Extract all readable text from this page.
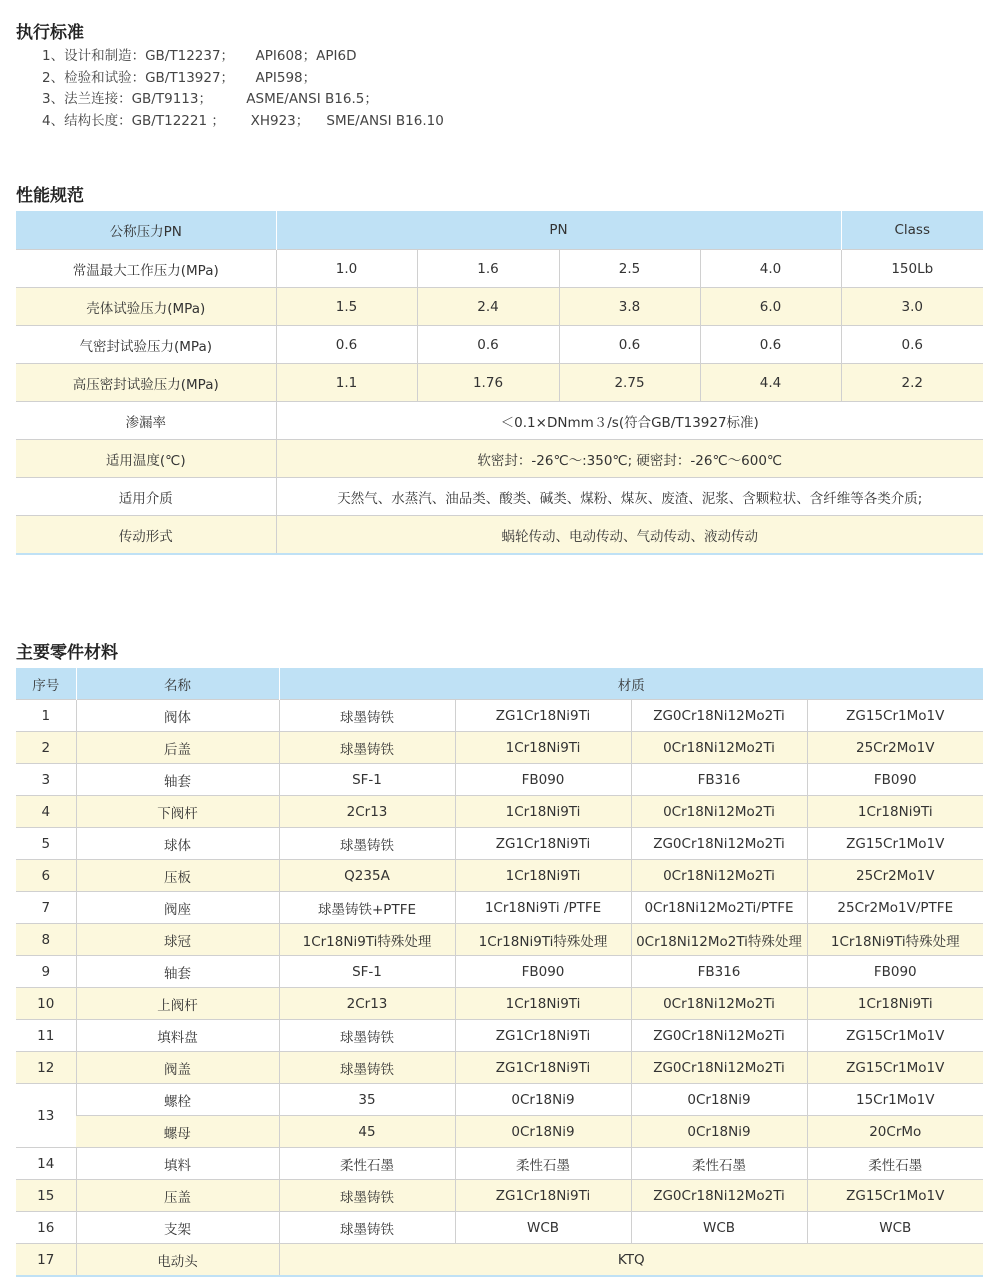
执行标准
1、设计和制造：GB/T12237；     API608；API6D
2、检验和试验：GB/T13927；     API598；
3、法兰连接：GB/T9113；        ASME/ANSI B16.5；
4、结构长度：GB/T12221 ；      XH923；    SME/ANSI B16.10
性能规范
公称压力PN	PN				Class
常温最大工作压力(MPa)	1.0	1.6	2.5	4.0	150Lb
壳体试验压力(MPa)	1.5	2.4	3.8	6.0	3.0
气密封试验压力(MPa)	0.6	0.6	0.6	0.6	0.6
高压密封试验压力(MPa)	1.1	1.76	2.75	4.4	2.2
渗漏率	＜0.1×DNmm３/s(符合GB/T13927标准)				
适用温度(℃)	软密封：-26℃～:350℃; 硬密封：-26℃～600℃				
适用介质	天然气、水蒸汽、油品类、酸类、碱类、煤粉、煤灰、废渣、泥浆、含颗粒状、含纤维等各类介质;				
传动形式	蜗轮传动、电动传动、气动传动、液动传动				
主要零件材料
序号	名称	材质			
1	阀体	球墨铸铁	ZG1Cr18Ni9Ti	ZG0Cr18Ni12Mo2Ti	ZG15Cr1Mo1V
2	后盖	球墨铸铁	1Cr18Ni9Ti	0Cr18Ni12Mo2Ti	25Cr2Mo1V
3	轴套	SF-1	FB090	FB316	FB090
4	下阀杆	2Cr13	1Cr18Ni9Ti	0Cr18Ni12Mo2Ti	1Cr18Ni9Ti
5	球体	球墨铸铁	ZG1Cr18Ni9Ti	ZG0Cr18Ni12Mo2Ti	ZG15Cr1Mo1V
6	压板	Q235A	1Cr18Ni9Ti	0Cr18Ni12Mo2Ti	25Cr2Mo1V
7	阀座	球墨铸铁+PTFE	1Cr18Ni9Ti /PTFE	0Cr18Ni12Mo2Ti/PTFE	25Cr2Mo1V/PTFE
8	球冠	1Cr18Ni9Ti特殊处理	1Cr18Ni9Ti特殊处理	0Cr18Ni12Mo2Ti特殊处理	1Cr18Ni9Ti特殊处理
9	轴套	SF-1	FB090	FB316	FB090
10	上阀杆	2Cr13	1Cr18Ni9Ti	0Cr18Ni12Mo2Ti	1Cr18Ni9Ti
11	填料盘	球墨铸铁	ZG1Cr18Ni9Ti	ZG0Cr18Ni12Mo2Ti	ZG15Cr1Mo1V
12	阀盖	球墨铸铁	ZG1Cr18Ni9Ti	ZG0Cr18Ni12Mo2Ti	ZG15Cr1Mo1V
13	螺栓	35	0Cr18Ni9	0Cr18Ni9	15Cr1Mo1V
	螺母	45	0Cr18Ni9	0Cr18Ni9	20CrMo
14	填料	柔性石墨	柔性石墨	柔性石墨	柔性石墨
15	压盖	球墨铸铁	ZG1Cr18Ni9Ti	ZG0Cr18Ni12Mo2Ti	ZG15Cr1Mo1V
16	支架	球墨铸铁	WCB	WCB	WCB
17	电动头	KTQ			
